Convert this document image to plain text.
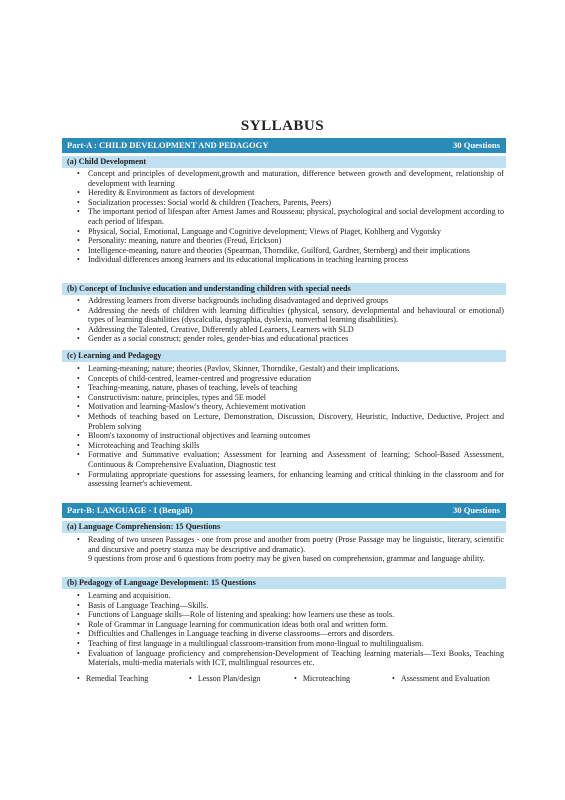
SYLLABUS
Part-A : CHILD DEVELOPMENT AND PEDAGOGY	30 Questions
(a) Child Development
• Concept and principles of development,growth and maturation, difference between growth and development, relationship of development with learning
• Heredity & Environment as factors of development
• Socialization processes: Social world & children (Teachers, Parents, Peers)
• The important period of lifespan after Arnest James and Rousseau; physical, psychological and social development according to each period of lifespan.
• Physical, Social, Emotional, Language and Cognitive development; Views of Piaget, Kohlberg and Vygotsky
• Personality: meaning, nature and theories (Freud, Erickson)
• Intelligence-meaning, nature and theories (Spearman, Thorndike, Guilford, Gardner, Sternberg) and their implications
• Individual differences among learners and its educational implications in teaching learning process
(b) Concept of Inclusive education and understanding children with special needs
• Addressing learners from diverse backgrounds including disadvantaged and deprived groups
• Addressing the needs of children with learning difficulties (physical, sensory, developmental and behavioural or emotional) types of learning disabilities (dyscalculia, dysgraphia, dyslexia, nonverbal learning disabilities).
• Addressing the Talented, Creative, Differently abled Learners, Learners with SLD
• Gender as a social construct; gender roles, gender-bias and educational practices
(c) Learning and Pedagogy
• Learning-meaning; nature; theories (Pavlov, Skinner, Thorndike, Gestalt) and their implications.
• Concepts of child-centred, learner-centred and progressive education
• Teaching-meaning, nature, phases of teaching, levels of teaching
• Constructivism: nature, principles, types and 5E model
• Motivation and learning-Maslow's theory, Achievement motivation
• Methods of teaching based on Lecture, Demonstration, Discussion, Discovery, Heuristic, Inductive, Deductive, Project and Problem solving
• Bloom's taxonomy of instructional objectives and learning outcomes
• Microteaching and Teaching skills
• Formative and Summative evaluation; Assessment for learning and Assessment of learning; School-Based Assessment, Continuous & Comprehensive Evaluation, Diagnostic test
• Formulating appropriate questions for assessing learners, for enhancing learning and critical thinking in the classroom and for assessing learner's achievement.
Part-B: LANGUAGE - I (Bengali)	30 Questions
(a) Language Comprehension: 15 Questions
• Reading of two unseen Passages - one from prose and another from poetry (Prose Passage may be linguistic, literary, scientific and discursive and poetry stanza may be descriptive and dramatic).
9 questions from prose and 6 questions from poetry may be given based on comprehension, grammar and language ability.
(b) Pedagogy of Language Development: 15 Questions
• Learning and acquisition.
• Basis of Language Teaching—Skills.
• Functions of Language skills—Role of listening and speaking: how learners use these as tools.
• Role of Grammar in Language learning for communication ideas both oral and written form.
• Difficulties and Challenges in Language teaching in diverse classrooms—errors and disorders.
• Teaching of first language in a multilingual classroom-transition from mono-lingual to multilingualism.
• Evaluation of language proficiency and comprehension-Development of Teaching learning materials—Text Books, Teaching Materials, multi-media materials with ICT, multilingual resources etc.
• Remedial Teaching	• Lesson Plan/design	• Microteaching	• Assessment and Evaluation
